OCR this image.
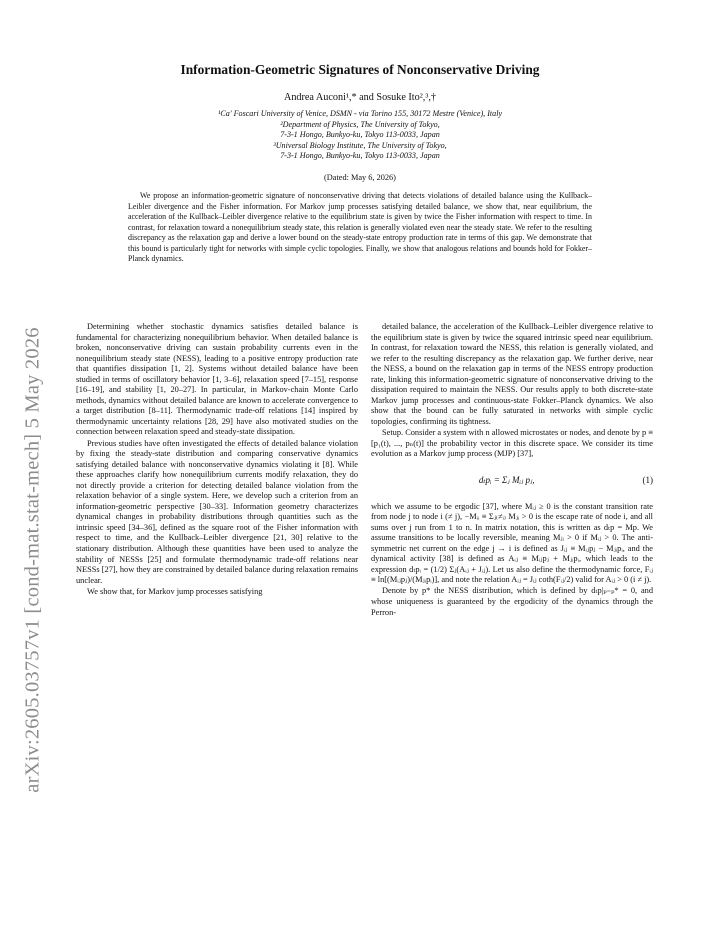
arXiv:2605.03757v1 [cond-mat.stat-mech] 5 May 2026
Information-Geometric Signatures of Nonconservative Driving
Andrea Auconi¹,* and Sosuke Ito²,³,†
¹Ca' Foscari University of Venice, DSMN - via Torino 155, 30172 Mestre (Venice), Italy
²Department of Physics, The University of Tokyo,
7-3-1 Hongo, Bunkyo-ku, Tokyo 113-0033, Japan
³Universal Biology Institute, The University of Tokyo,
7-3-1 Hongo, Bunkyo-ku, Tokyo 113-0033, Japan
(Dated: May 6, 2026)
We propose an information-geometric signature of nonconservative driving that detects violations of detailed balance using the Kullback–Leibler divergence and the Fisher information. For Markov jump processes satisfying detailed balance, we show that, near equilibrium, the acceleration of the Kullback–Leibler divergence relative to the equilibrium state is given by twice the Fisher information with respect to time. In contrast, for relaxation toward a nonequilibrium steady state, this relation is generally violated even near the steady state. We refer to the resulting discrepancy as the relaxation gap and derive a lower bound on the steady-state entropy production rate in terms of this gap. We demonstrate that this bound is particularly tight for networks with simple cyclic topologies. Finally, we show that analogous relations and bounds hold for Fokker–Planck dynamics.

Determining whether stochastic dynamics satisfies detailed balance is fundamental for characterizing nonequilibrium behavior. When detailed balance is broken, nonconservative driving can sustain probability currents even in the nonequilibrium steady state (NESS), leading to a positive entropy production rate that quantifies dissipation [1, 2]. Systems without detailed balance have been studied in terms of oscillatory behavior [1, 3–6], relaxation speed [7–15], response [16–19], and stability [1, 20–27]. In particular, in Markov-chain Monte Carlo methods, dynamics without detailed balance are known to accelerate convergence to a target distribution [8–11]. Thermodynamic trade-off relations [14] inspired by thermodynamic uncertainty relations [28, 29] have also motivated studies on the connection between relaxation speed and steady-state dissipation.

Previous studies have often investigated the effects of detailed balance violation by fixing the steady-state distribution and comparing conservative dynamics satisfying detailed balance with nonconservative dynamics violating it [8]. While these approaches clarify how nonequilibrium currents modify relaxation, they do not directly provide a criterion for detecting detailed balance violation from the relaxation behavior of a single system. Here, we develop such a criterion from an information-geometric perspective [30–33]. Information geometry characterizes dynamical changes in probability distributions through quantities such as the intrinsic speed [34–36], defined as the square root of the Fisher information with respect to time, and the Kullback–Leibler divergence [21, 30] relative to the stationary distribution. Although these quantities have been used to analyze the stability of NESSs [25] and formulate thermodynamic trade-off relations near NESSs [27], how they are constrained by detailed balance during relaxation remains unclear.

We show that, for Markov jump processes satisfying

detailed balance, the acceleration of the Kullback–Leibler divergence relative to the equilibrium state is given by twice the squared intrinsic speed near equilibrium. In contrast, for relaxation toward the NESS, this relation is generally violated, and we refer to the resulting discrepancy as the relaxation gap. We further derive, near the NESS, a bound on the relaxation gap in terms of the NESS entropy production rate, linking this information-geometric signature of nonconservative driving to the dissipation required to maintain the NESS. Our results apply to both discrete-state Markov jump processes and continuous-state Fokker–Planck dynamics. We also show that the bound can be fully saturated in networks with simple cyclic topologies, confirming its tightness.

Setup. Consider a system with n allowed microstates or nodes, and denote by p ≡ [p₁(t), ..., pₙ(t)] the probability vector in this discrete space. We consider its time evolution as a Markov jump process (MJP) [37],

dₜpᵢ = Σⱼ Mᵢⱼ pⱼ,	(1)

which we assume to be ergodic [37], where Mᵢⱼ ≥ 0 is the constant transition rate from node j to node i (≠ j), −Mᵢᵢ ≡ Σⱼ₍≠ᵢ₎ Mⱼᵢ > 0 is the escape rate of node i, and all sums over j run from 1 to n. In matrix notation, this is written as dₜp = Mp. We assume transitions to be locally reversible, meaning Mⱼᵢ > 0 if Mᵢⱼ > 0. The anti-symmetric net current on the edge j → i is defined as Jᵢⱼ ≡ Mᵢⱼpⱼ − Mⱼᵢpᵢ, and the dynamical activity [38] is defined as Aᵢⱼ ≡ Mᵢⱼpⱼ + Mⱼᵢpᵢ, which leads to the expression dₜpᵢ = (1/2) Σⱼ(Aᵢⱼ + Jᵢⱼ). Let us also define the thermodynamic force, Fᵢⱼ ≡ ln[(Mᵢⱼpⱼ)/(Mⱼᵢpᵢ)], and note the relation Aᵢⱼ = Jᵢⱼ coth(Fᵢⱼ/2) valid for Aᵢⱼ > 0 (i ≠ j).

Denote by p* the NESS distribution, which is defined by dₜp|ₚ₌ₚ* = 0, and whose uniqueness is guaranteed by the ergodicity of the dynamics through the Perron-
